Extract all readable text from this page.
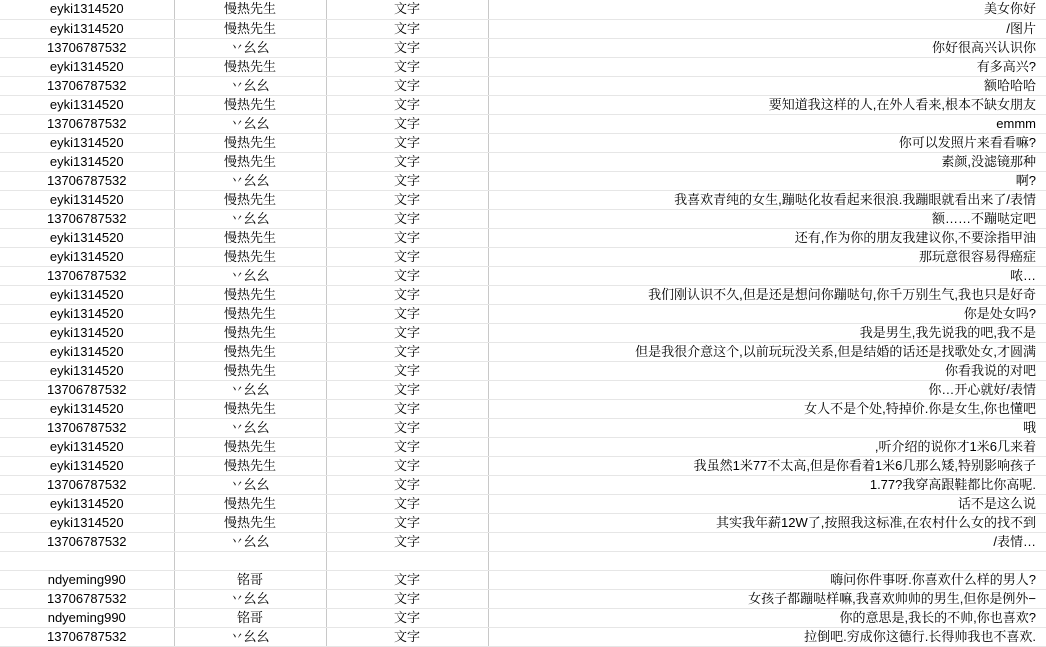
eyki1314520	慢热先生	文字	美女你好
eyki1314520	慢热先生	文字	/图片
13706787532	丷幺幺	文字	你好很高兴认识你
eyki1314520	慢热先生	文字	有多高兴?
13706787532	丷幺幺	文字	额哈哈哈
eyki1314520	慢热先生	文字	要知道我这样的人,在外人看来,根本不缺女朋友
13706787532	丷幺幺	文字	emmm
eyki1314520	慢热先生	文字	你可以发照片来看看嘛?
eyki1314520	慢热先生	文字	素颜,没滤镜那种
13706787532	丷幺幺	文字	啊?
eyki1314520	慢热先生	文字	我喜欢青纯的女生,蹦哒化妆看起来很浪.我蹦眼就看出来了/表情
13706787532	丷幺幺	文字	额……不蹦哒定吧
eyki1314520	慢热先生	文字	还有,作为你的朋友我建议你,不要涂指甲油
eyki1314520	慢热先生	文字	那玩意很容易得癌症
13706787532	丷幺幺	文字	哝…
eyki1314520	慢热先生	文字	我们刚认识不久,但是还是想问你蹦哒句,你千万别生气,我也只是好奇
eyki1314520	慢热先生	文字	你是处女吗?
eyki1314520	慢热先生	文字	我是男生,我先说我的吧,我不是
eyki1314520	慢热先生	文字	但是我很介意这个,以前玩玩没关系,但是结婚的话还是找歌处女,才圆满
eyki1314520	慢热先生	文字	你看我说的对吧
13706787532	丷幺幺	文字	你…开心就好/表情
eyki1314520	慢热先生	文字	女人不是个处,特掉价.你是女生,你也懂吧
13706787532	丷幺幺	文字	哦
eyki1314520	慢热先生	文字	,听介绍的说你才1米6几来着
eyki1314520	慢热先生	文字	我虽然1米77不太高,但是你看着1米6几那么矮,特别影响孩子
13706787532	丷幺幺	文字	1.77?我穿高跟鞋都比你高呢.
eyki1314520	慢热先生	文字	话不是这么说
eyki1314520	慢热先生	文字	其实我年薪12W了,按照我这标准,在农村什么女的找不到
13706787532	丷幺幺	文字	/表情…

ndyeming990	铭哥	文字	嗨问你件事呀.你喜欢什么样的男人?
13706787532	丷幺幺	文字	女孩子都蹦哒样嘛,我喜欢帅帅的男生,但你是例外−
ndyeming990	铭哥	文字	你的意思是,我长的不帅,你也喜欢?
13706787532	丷幺幺	文字	拉倒吧.穷成你这德行.长得帅我也不喜欢.
